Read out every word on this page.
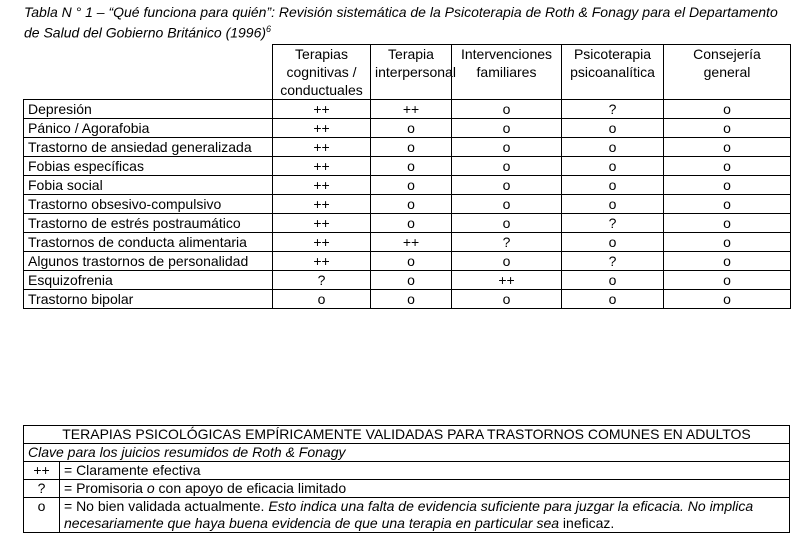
Tabla N ° 1 – “Qué funciona para quién”: Revisión sistemática de la Psicoterapia de Roth & Fonagy para el Departamento de Salud del Gobierno Británico $(1996)^6$
	Terapias cognitivas / conductuales	Terapia interpersonal	Intervenciones familiares	Psicoterapia psicoanalítica	Consejería general
Depresión	++	++	o	?	o
Pánico / Agorafobia	++	o	o	o	o
Trastorno de ansiedad generalizada	++	o	o	o	o
Fobias específicas	++	o	o	o	o
Fobia social	++	o	o	o	o
Trastorno obsesivo-compulsivo	++	o	o	o	o
Trastorno de estrés postraumático	++	o	o	?	o
Trastornos de conducta alimentaria	++	++	?	o	o
Algunos trastornos de personalidad	++	o	o	?	o
Esquizofrenia	?	o	++	o	o
Trastorno bipolar	o	o	o	o	o
TERAPIAS PSICOLÓGICAS EMPÍRICAMENTE VALIDADAS PARA TRASTORNOS COMUNES EN ADULTOS	
Clave para los juicios resumidos de Roth & Fonagy	
++	= Claramente efectiva
?	= Promisoria o con apoyo de eficacia limitado
o	= No bien validada actualmente. Esto indica una falta de evidencia suficiente para juzgar la eficacia. No implica necesariamente que haya buena evidencia de que una terapia en particular sea ineficaz.
